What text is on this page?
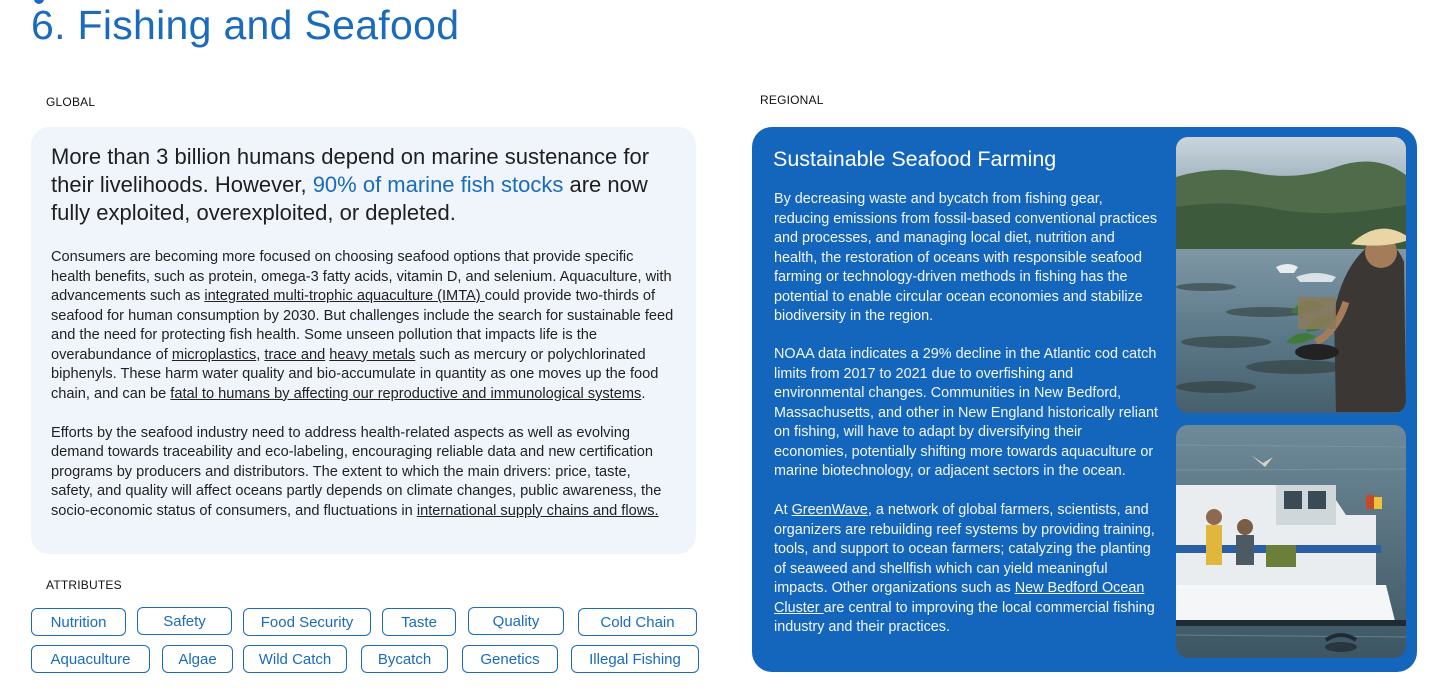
6. Fishing and Seafood
GLOBAL	REGIONAL

More than 3 billion humans depend on marine sustenance for their livelihoods. However, 90% of marine fish stocks are now fully exploited, overexploited, or depleted.

Consumers are becoming more focused on choosing seafood options that provide specific health benefits, such as protein, omega-3 fatty acids, vitamin D, and selenium. Aquaculture, with advancements such as integrated multi-trophic aquaculture (IMTA) could provide two-thirds of seafood for human consumption by 2030. But challenges include the search for sustainable feed and the need for protecting fish health. Some unseen pollution that impacts life is the overabundance of microplastics, trace and heavy metals such as mercury or polychlorinated biphenyls. These harm water quality and bio-accumulate in quantity as one moves up the food chain, and can be fatal to humans by affecting our reproductive and immunological systems.

Efforts by the seafood industry need to address health-related aspects as well as evolving demand towards traceability and eco-labeling, encouraging reliable data and new certification programs by producers and distributors. The extent to which the main drivers: price, taste, safety, and quality will affect oceans partly depends on climate changes, public awareness, the socio-economic status of consumers, and fluctuations in international supply chains and flows.

Sustainable Seafood Farming

By decreasing waste and bycatch from fishing gear, reducing emissions from fossil-based conventional practices and processes, and managing local diet, nutrition and health, the restoration of oceans with responsible seafood farming or technology-driven methods in fishing has the potential to enable circular ocean economies and stabilize biodiversity in the region.

NOAA data indicates a 29% decline in the Atlantic cod catch limits from 2017 to 2021 due to overfishing and environmental changes. Communities in New Bedford, Massachusetts, and other in New England historically reliant on fishing, will have to adapt by diversifying their economies, potentially shifting more towards aquaculture or marine biotechnology, or adjacent sectors in the ocean.

At GreenWave, a network of global farmers, scientists, and organizers are rebuilding reef systems by providing training, tools, and support to ocean farmers; catalyzing the planting of seaweed and shellfish which can yield meaningful impacts. Other organizations such as New Bedford Ocean Cluster are central to improving the local commercial fishing industry and their practices.

ATTRIBUTES
Nutrition	Safety	Food Security	Taste	Quality	Cold Chain
Aquaculture	Algae	Wild Catch	Bycatch	Genetics	Illegal Fishing
